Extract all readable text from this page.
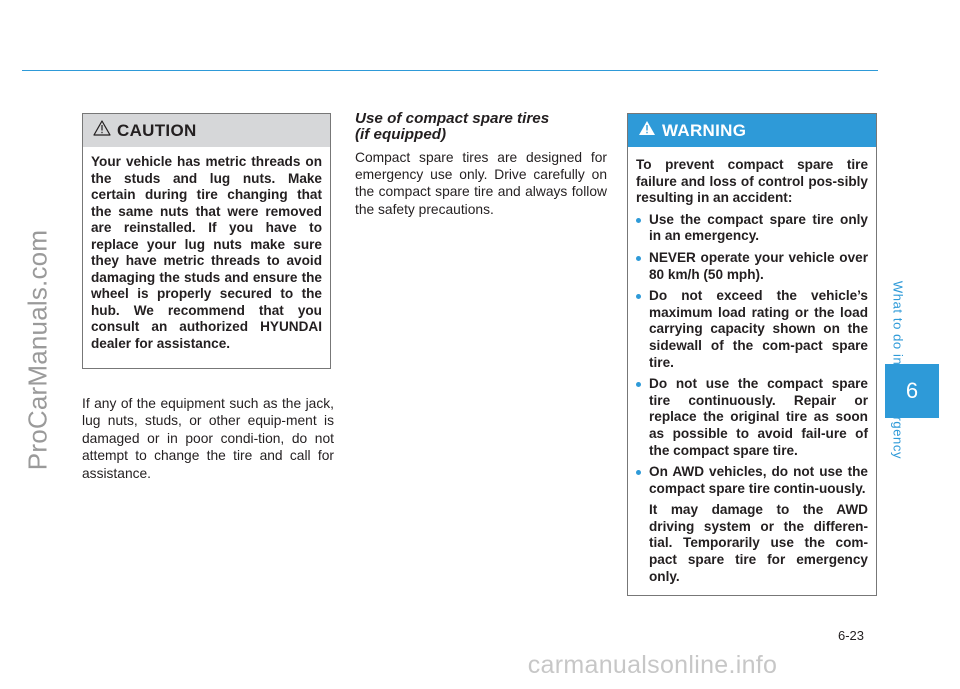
6
ProCarManuals.com
CAUTION
Your vehicle has metric threads on the studs and lug nuts. Make certain during tire changing that the same nuts that were removed are reinstalled. If you have to replace your lug nuts make sure they have metric threads to avoid damaging the studs and ensure the wheel is properly secured to the hub. We recommend that you consult an authorized HYUNDAI dealer for assistance.
If any of the equipment such as the jack, lug nuts, studs, or other equip-ment is damaged or in poor condi-tion, do not attempt to change the tire and call for assistance.
Use of compact spare tires
(if equipped)
Compact spare tires are designed for emergency use only. Drive carefully on the compact spare tire and always follow the safety precautions.
WARNING

To prevent compact spare tire failure and loss of control pos-sibly resulting in an accident:

Use the compact spare tire only in an emergency.
NEVER operate your vehicle over 80 km/h (50 mph).
Do not exceed the vehicle’s maximum load rating or the load carrying capacity shown on the sidewall of the com-pact spare tire.
Do not use the compact spare tire continuously. Repair or replace the original tire as soon as possible to avoid fail-ure of the compact spare tire.
On AWD vehicles, do not use the compact spare tire contin-uously.

It may damage to the AWD driving system or the differen-tial. Temporarily use the com-pact spare tire for emergency only.

6-23
carmanualsonline.info
